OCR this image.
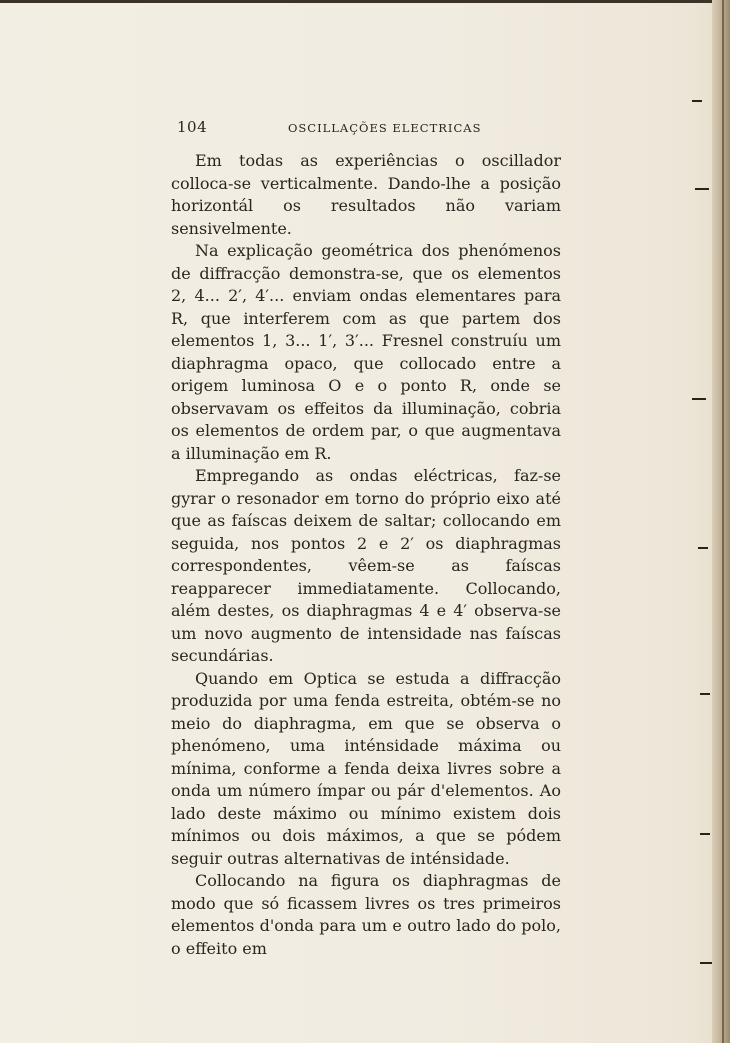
104	OSCILLAÇÕES ELECTRICAS

Em todas as experiências o oscillador colloca-se verticalmente. Dando-lhe a posição horizontál os resultados não variam sensivelmente.

Na explicação geométrica dos phenómenos de diffracção demonstra-se, que os elementos 2, 4... 2′, 4′... enviam ondas elementares para R, que interferem com as que partem dos elementos 1, 3... 1′, 3′... Fresnel construíu um diaphragma opaco, que collocado entre a origem luminosa O e o ponto R, onde se observavam os effeitos da illuminação, cobria os elementos de ordem par, o que augmentava a illuminação em R.

Empregando as ondas eléctricas, faz-se gyrar o resonador em torno do próprio eixo até que as faíscas deixem de saltar; collocando em seguida, nos pontos 2 e 2′ os diaphragmas correspondentes, vêem-se as faíscas reapparecer immediatamente. Collocando, além destes, os diaphragmas 4 e 4′ observa-se um novo augmento de intensidade nas faíscas secundárias.

Quando em Optica se estuda a diffracção produzida por uma fenda estreita, obtém-se no meio do diaphragma, em que se observa o phenómeno, uma inténsidade máxima ou mínima, conforme a fenda deixa livres sobre a onda um número ímpar ou pár d'elementos. Ao lado deste máximo ou mínimo existem dois mínimos ou dois máximos, a que se pódem seguir outras alternativas de inténsidade.

Collocando na figura os diaphragmas de modo que só ficassem livres os tres primeiros elementos d'onda para um e outro lado do polo, o effeito em
